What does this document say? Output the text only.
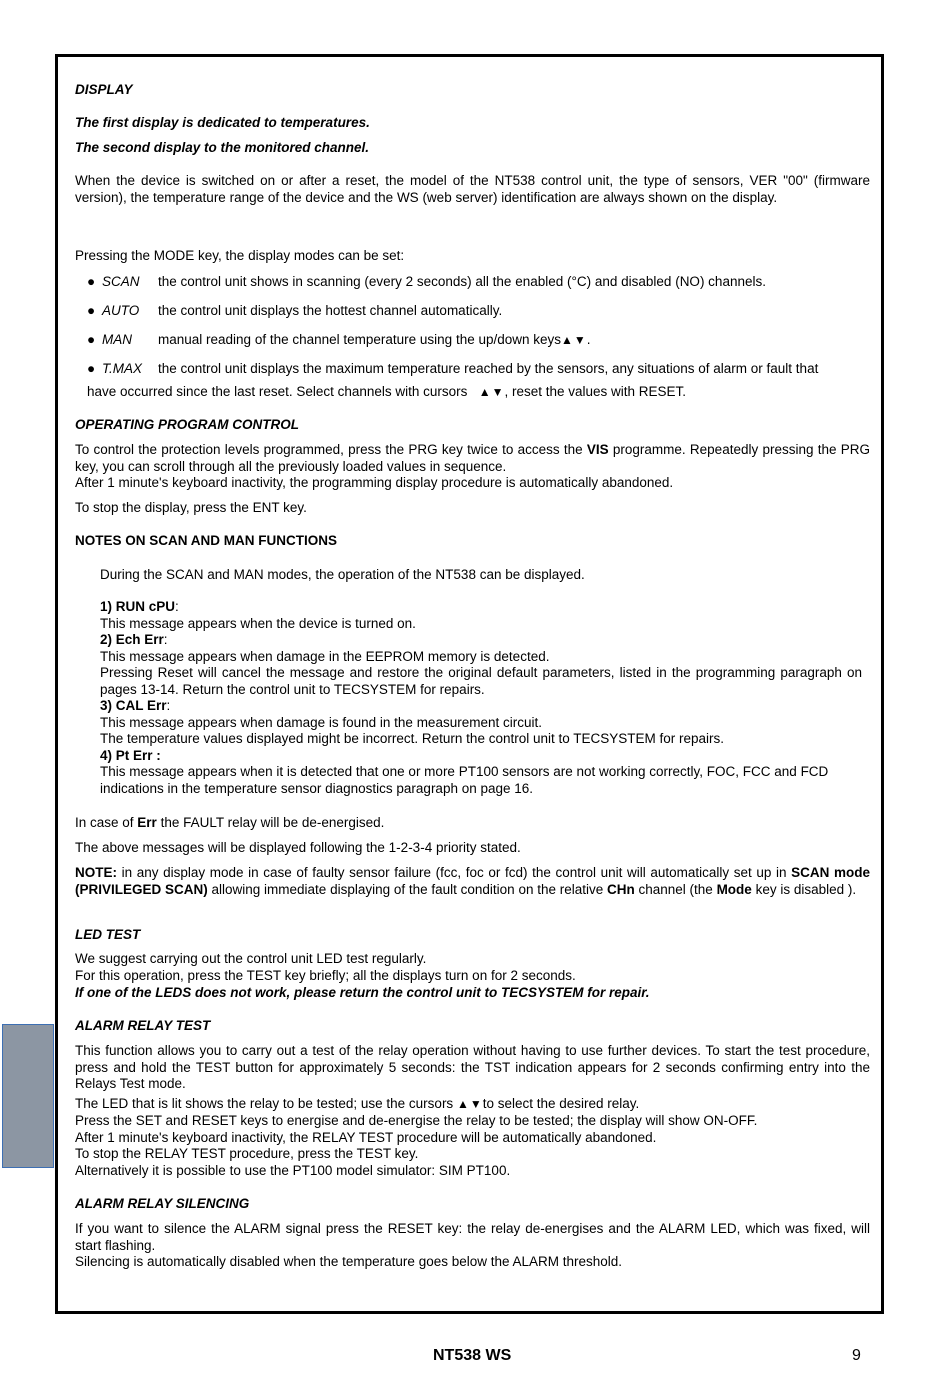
DISPLAY

The first display is dedicated to temperatures.

The second display to the monitored channel.

When the device is switched on or after a reset, the model of the NT538 control unit, the type of sensors, VER "00" (firmware version), the temperature range of the device and the WS (web server) identification are always shown on the display.

Pressing the MODE key, the display modes can be set:

● SCAN the control unit shows in scanning (every 2 seconds) all the enabled (°C) and disabled (NO) channels.

● AUTO the control unit displays the hottest channel automatically.

● MAN manual reading of the channel temperature using the up/down keys▲▼.

● T.MAX the control unit displays the maximum temperature reached by the sensors, any situations of alarm or fault that

have occurred since the last reset. Select channels with cursors ▲▼, reset the values with RESET.

OPERATING PROGRAM CONTROL

To control the protection levels programmed, press the PRG key twice to access the VIS programme. Repeatedly pressing the PRG key, you can scroll through all the previously loaded values in sequence.

After 1 minute's keyboard inactivity, the programming display procedure is automatically abandoned.

To stop the display, press the ENT key.

NOTES ON SCAN AND MAN FUNCTIONS

During the SCAN and MAN modes, the operation of the NT538 can be displayed.

1) RUN cPU:
This message appears when the device is turned on.
2) Ech Err:
This message appears when damage in the EEPROM memory is detected.
Pressing Reset will cancel the message and restore the original default parameters, listed in the programming paragraph on pages 13-14. Return the control unit to TECSYSTEM for repairs.
3) CAL Err:
This message appears when damage is found in the measurement circuit.
The temperature values displayed might be incorrect. Return the control unit to TECSYSTEM for repairs.
4) Pt Err :
This message appears when it is detected that one or more PT100 sensors are not working correctly, FOC, FCC and FCD indications in the temperature sensor diagnostics paragraph on page 16.

In case of Err the FAULT relay will be de-energised.

The above messages will be displayed following the 1-2-3-4 priority stated.

NOTE: in any display mode in case of faulty sensor failure (fcc, foc or fcd) the control unit will automatically set up in SCAN mode (PRIVILEGED SCAN) allowing immediate displaying of the fault condition on the relative CHn channel (the Mode key is disabled ).

LED TEST

We suggest carrying out the control unit LED test regularly.

For this operation, press the TEST key briefly; all the displays turn on for 2 seconds.

If one of the LEDS does not work, please return the control unit to TECSYSTEM for repair.

ALARM RELAY TEST

This function allows you to carry out a test of the relay operation without having to use further devices. To start the test procedure, press and hold the TEST button for approximately 5 seconds: the TST indication appears for 2 seconds confirming entry into the Relays Test mode.

The LED that is lit shows the relay to be tested; use the cursors ▲▼to select the desired relay.

Press the SET and RESET keys to energise and de-energise the relay to be tested; the display will show ON-OFF.

After 1 minute's keyboard inactivity, the RELAY TEST procedure will be automatically abandoned.

To stop the RELAY TEST procedure, press the TEST key.

Alternatively it is possible to use the PT100 model simulator: SIM PT100.

ALARM RELAY SILENCING

If you want to silence the ALARM signal press the RESET key: the relay de-energises and the ALARM LED, which was fixed, will start flashing.

Silencing is automatically disabled when the temperature goes below the ALARM threshold.

NT538 WS	9
